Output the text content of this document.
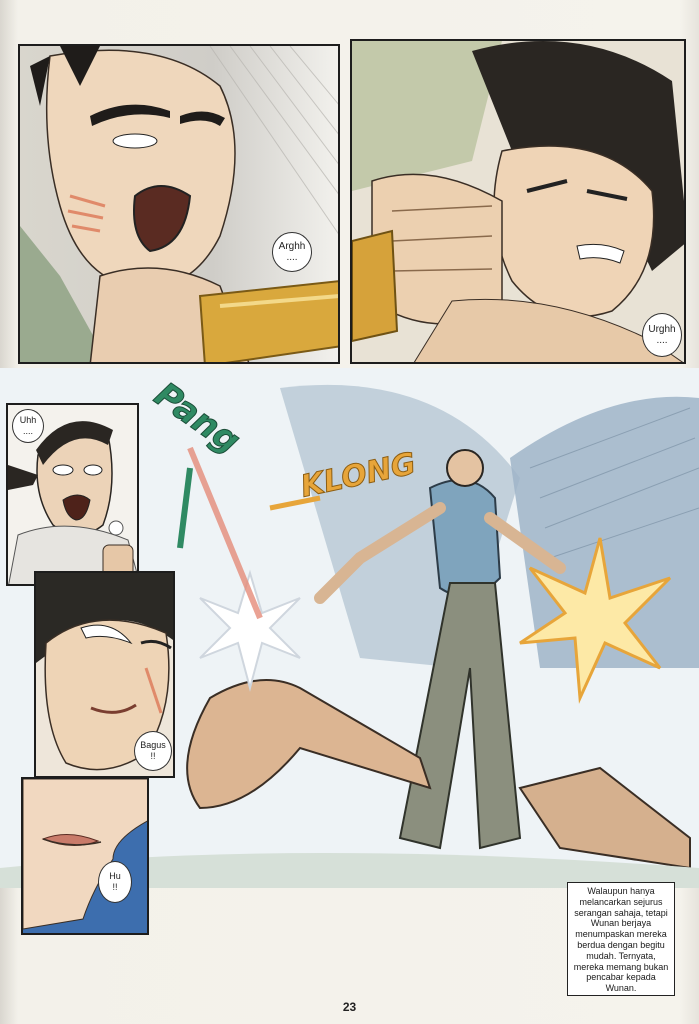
Arghh
....
Urghh
....
Pang
KLONG
Uhh
....
Bagus
!!
Hu
!!	Walaupun hanya melancarkan sejurus serangan sahaja, tetapi Wunan berjaya menumpaskan mereka berdua dengan begitu mudah. Ternyata, mereka memang bukan pencabar kepada Wunan.
23
